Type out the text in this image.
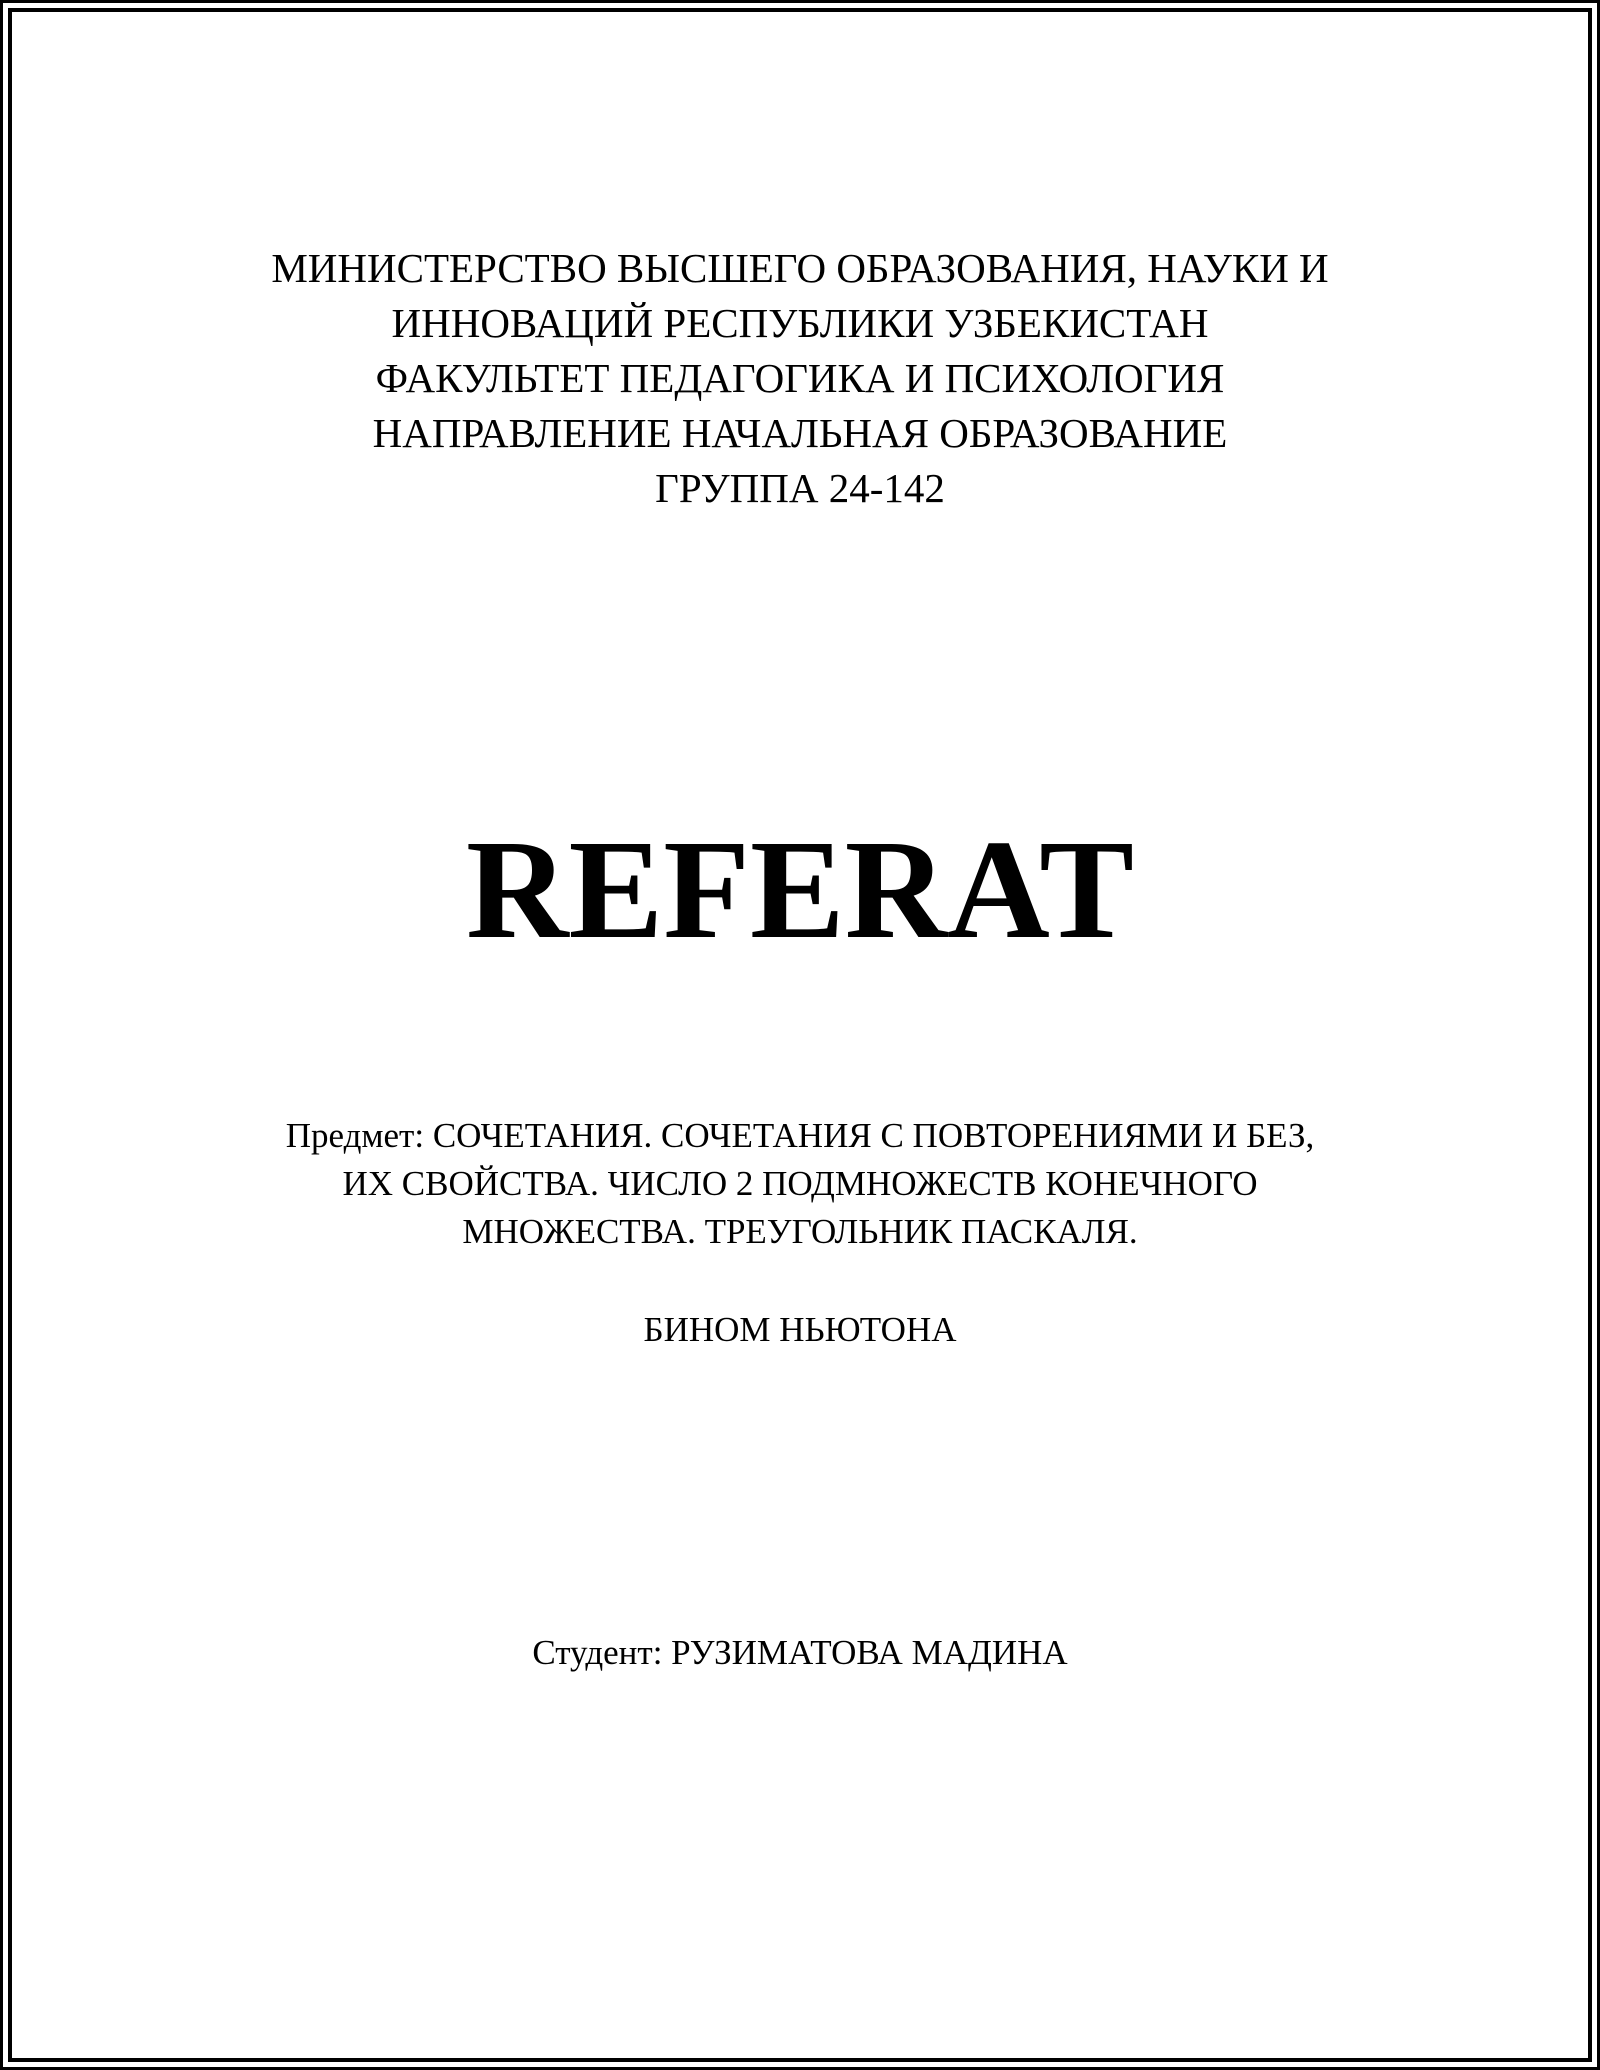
МИНИСТЕРСТВО ВЫСШЕГО ОБРАЗОВАНИЯ, НАУКИ И
ИННОВАЦИЙ РЕСПУБЛИКИ УЗБЕКИСТАН
ФАКУЛЬТЕТ ПЕДАГОГИКА И ПСИХОЛОГИЯ
НАПРАВЛЕНИЕ НАЧАЛЬНАЯ ОБРАЗОВАНИЕ
ГРУППА 24-142
REFERAT
Предмет: СОЧЕТАНИЯ. СОЧЕТАНИЯ С ПОВТОРЕНИЯМИ И БЕЗ,
ИХ СВОЙСТВА. ЧИСЛО 2 ПОДМНОЖЕСТВ КОНЕЧНОГО
МНОЖЕСТВА. ТРЕУГОЛЬНИК ПАСКАЛЯ.
БИНОМ НЬЮТОНА
Студент: РУЗИМАТОВА МАДИНА
